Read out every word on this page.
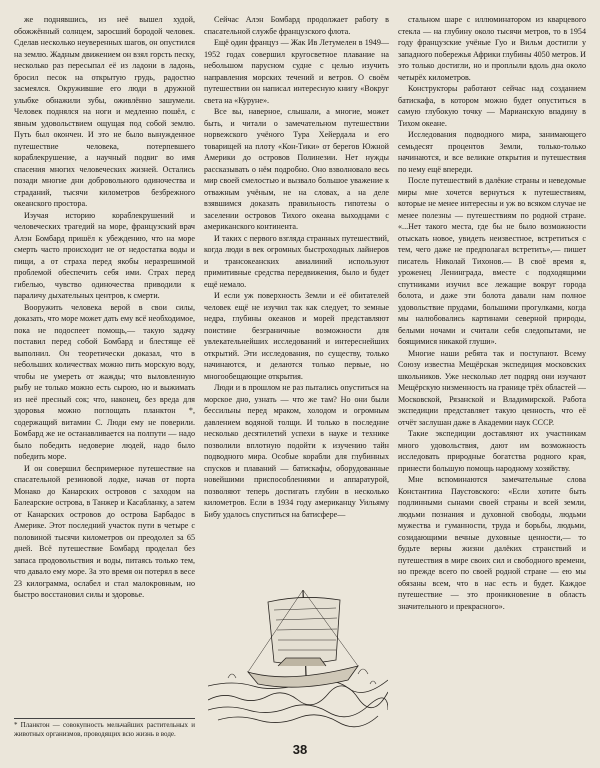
же поднявшись, из неё вышел худой, обожжённый солнцем, заросший бородой человек. Сделав несколько неуверенных шагов, он опустился на землю. Жадным движением он взял горсть песку, несколько раз пересыпал её из ладони в ладонь, бросил песок на открытую грудь, радостно засмеялся. Окружившие его люди в дружной улыбке обнажили зубы, оживлённо зашумели. Человек поднялся на ноги и медленно пошёл, с явным удовольствием ощущая под собой землю. Путь был окончен. И это не было вынужденное путешествие человека, потерпевшего кораблекрушение, а научный подвиг во имя спасения многих человеческих жизней. Остались позади многие дни добровольного одиночества и страданий, тысячи километров безбрежного океанского просторa.

Изучая историю кораблекрушений и человеческих трагедий на море, французский врач Алэн Бомбард пришёл к убеждению, что на море смерть часто происходит не от недостатка воды и пищи, а от страха перед якобы неразрешимой проблемой обеспечить себя ими. Страх перед гибелью, чувство одиночества приводили к параличу дыхательных центров, к смерти.

Вооружить человека верой в свои силы, доказать, что море может дать ему всё необходимое, пока не подоспеет помощь,— такую задачу поставил перед собой Бомбард и блестяще её выполнил. Он теоретически доказал, что в небольших количествах можно пить морскую воду, чтобы не умереть от жажды; что выловленную рыбу не только можно есть сырою, но и выжимать из неё пресный сок; что, наконец, без вреда для здоровья можно поглощать планктон *, содержащий витамин С. Люди ему не поверили. Бомбард же не останавливается на полпути — надо было победить недоверие людей, надо было победить море.

И он совершил беспримерное путешествие на спасательной резиновой лодке, начав от порта Монако до Канарских островов с заходом на Балеарские острова, в Танжер и Касабланку, а затем от Канарских островов до острова Барбадос в Америке. Этот последний участок пути в четыре с половиной тысячи километров он преодолел за 65 дней. Всё путешествие Бомбард проделал без запаса продовольствия и воды, питаясь только тем, что давало ему море. За это время он потерял в весе 23 килограмма, ослабел и стал малокровным, но быстро восстановил силы и здоровье.

* Планктон — совокупность мельчайших растительных и животных организмов, проводящих всю жизнь в воде.

Сейчас Алэн Бомбард продолжает работу в спасательной службе французского флота.

Ещё один француз — Жак Ив Летумелен в 1949—1952 годах совершил кругосветное плавание на небольшом парусном судне с целью изучить направления морских течений и ветров. О своём путешествии он написал интересную книгу «Вокруг света на «Куруне».

Все вы, наверное, слышали, а многие, может быть, и читали о замечательном путешествии норвежского учёного Тура Хейердала и его товарищей на плоту «Кон-Тики» от берегов Южной Америки до островов Полинезии. Нет нужды рассказывать о нём подробно. Оно взволновало весь мир своей смелостью и вызвало большое уважение к отважным учёным, не на словах, а на деле взявшимся доказать правильность гипотезы о заселении островов Тихого океана выходцами с американского континента.

И таких с первого взгляда странных путешествий, когда люди в век огромных быстроходных лайнеров и трансокеанских авиалиний используют примитивные средства передвижения, было и будет ещё немало.

И если уж поверхность Земли и её обитателей человек ещё не изучил так как следует, то земные недра, глубины океанов и морей представляют поистине безграничные возможности для увлекательнейших исследований и интереснейших открытий. Эти исследования, по существу, только начинаются, и делаются только первые, но многообещающие открытия.

Люди и в прошлом не раз пытались опуститься на морское дно, узнать — что же там? Но они были бессильны перед мраком, холодом и огромным давлением водяной толщи. И только в последние несколько десятилетий успехи в науке и технике позволили вплотную подойти к изучению тайн подводного мира. Особые корабли для глубинных спусков и плаваний — батискафы, оборудованные новейшими приспособлениями и аппаратурой, позволяют теперь достигать глубин в несколько километров. Если в 1934 году американцу Уильяму Бибу удалось спуститься на батисфере—

стальном шаре с иллюминатором из кварцевого стекла — на глубину около тысячи метров, то в 1954 году французские учёные Гуо и Вильм достигли у западного побережья Африки глубины 4050 метров. И это только достигли, но и проплыли вдоль дна около четырёх километров.

Конструкторы работают сейчас над созданием батискафа, в котором можно будет опуститься в самую глубокую точку — Марианскую впадину в Тихом океане.

Исследования подводного мира, занимающего семьдесят процентов Земли, только-только начинаются, и все великие открытия и путешествия по нему ещё впереди.

После путешествий в далёкие страны и неведомые миры мне хочется вернуться к путешествиям, которые не менее интересны и уж во всяком случае не менее полезны — путешествиям по родной стране. «...Нет такого места, где бы не было возможности отыскать новое, увидеть неизвестное, встретиться с тем, чего даже не предполагал встретить»,— пишет писатель Николай Тихонов.— В своё время я, уроженец Ленинграда, вместе с подходящими спутниками изучил все лежащие вокруг города болота, и даже эти болота давали нам полное удовольствие прудами, большими прогулками, когда мы налюбовались картинами северной природы, белыми ночами и считали себя следопытами, не боящимися никакой глуши».

Многие наши ребята так и поступают. Всему Союзу известна Мещёрская экспедиция московских школьников. Уже несколько лет подряд они изучают Мещёрскую низменность на границе трёх областей — Московской, Рязанской и Владимирской. Работа экспедиции представляет такую ценность, что её отчёт заслушан даже в Академии наук СССР.

Такие экспедиции доставляют их участникам много удовольствия, дают им возможность исследовать природные богатства родного края, принести большую помощь народному хозяйству.

Мне вспоминаются замечательные слова Константина Паустовского: «Если хотите быть подлинными сынами своей страны и всей земли, людьми познания и духовной свободы, людьми мужества и гуманности, труда и борьбы, людьми, созидающими вечные духовные ценности,— то будьте верны жизни далёких странствий и путешествия в мире своих сил и свободного времени, но прежде всего по своей родной стране — ею мы обязаны всем, что в нас есть и будет. Каждое путешествие — это проникновение в область значительного и прекрасного».

38
